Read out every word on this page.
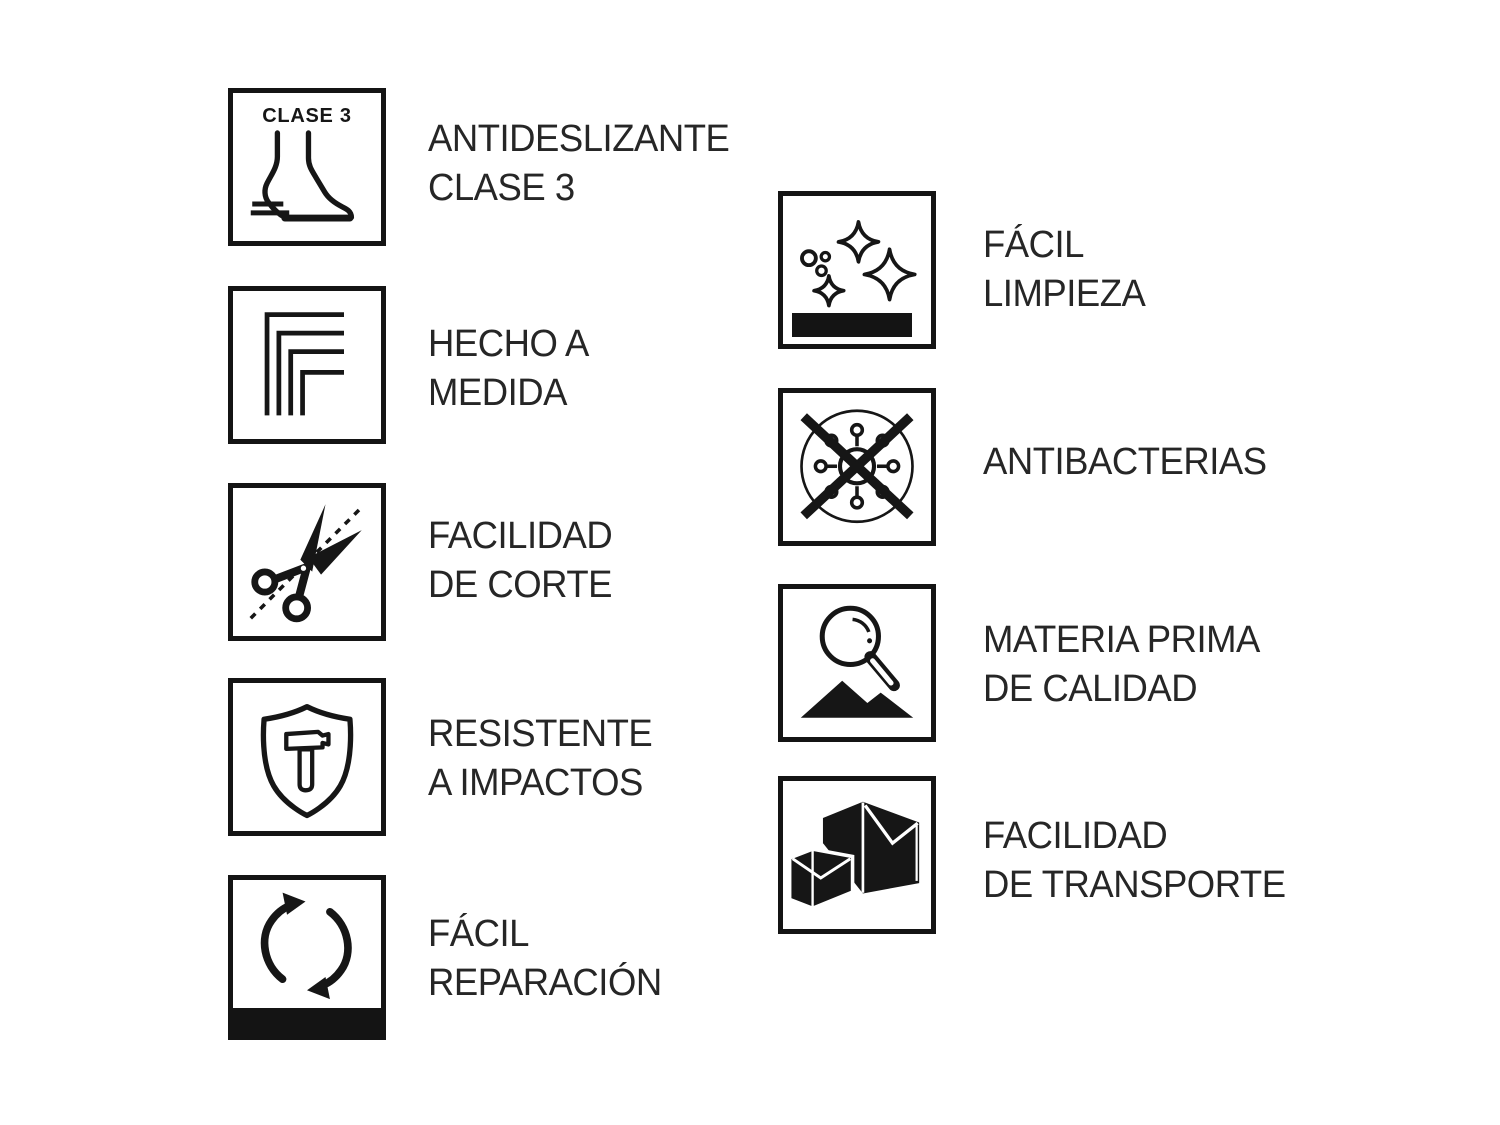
CLASE 3
ANTIDESLIZANTE
CLASE 3
HECHO A
MEDIDA
FACILIDAD
DE CORTE
RESISTENTE
A IMPACTOS
FÁCIL
REPARACIÓN
FÁCIL
LIMPIEZA
ANTIBACTERIAS
MATERIA PRIMA
DE CALIDAD
FACILIDAD
DE TRANSPORTE
